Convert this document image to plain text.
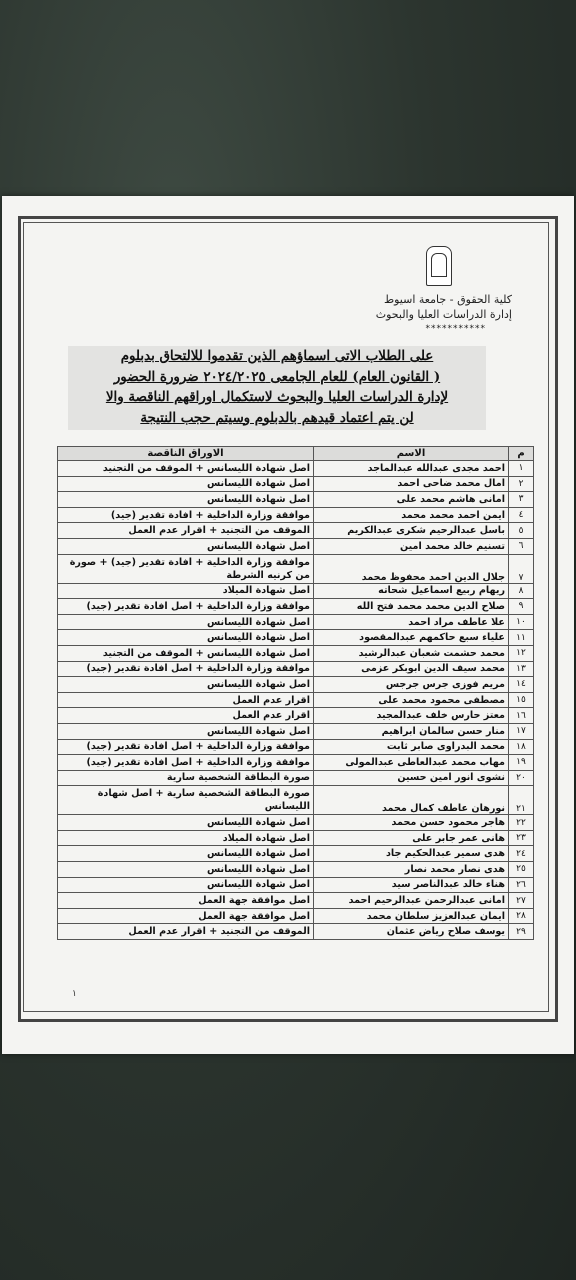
كلية الحقوق - جامعة اسيوط
إدارة الدراسات العليا والبحوث
***********
على الطلاب الاتى اسماؤهم الذين تقدموا للالتحاق بدبلوم
( القانون العام) للعام الجامعى ٢٠٢٤/٢٠٢٥ ضرورة الحضور
لإدارة الدراسات العليا والبحوث لاستكمال اوراقهم الناقصة والا
لن يتم اعتماد قيدهم بالدبلوم وسيتم حجب النتيجة
م	الاسم	الاوراق الناقصة
١	احمد مجدى عبدالله عبدالماجد	اصل شهادة الليسانس + الموقف من التجنيد
٢	امال محمد ضاحى احمد	اصل شهادة الليسانس
٣	امانى هاشم محمد على	اصل شهادة الليسانس
٤	ايمن احمد محمد محمد	موافقة وزارة الداخلية + افادة تقدير (جيد)
٥	باسل عبدالرحيم شكرى عبدالكريم	الموقف من التجنيد + اقرار عدم العمل
٦	تسنيم خالد محمد امين	اصل شهادة الليسانس
٧	جلال الدين احمد محفوظ محمد	موافقة وزارة الداخلية + افادة تقدير (جيد) + صورة من كرنيه الشرطة
٨	ريهام ربيع اسماعيل شحاته	اصل شهادة الميلاد
٩	صلاح الدين محمد محمد فتح الله	موافقة وزارة الداخلية + اصل افادة تقدير (جيد)
١٠	علا عاطف مراد احمد	اصل شهادة الليسانس
١١	علياء سبع حاكمهم عبدالمقصود	اصل شهادة الليسانس
١٢	محمد حشمت شعبان عبدالرشيد	اصل شهادة الليسانس + الموقف من التجنيد
١٣	محمد سيف الدين ابوبكر عزمى	موافقة وزارة الداخلية + اصل افادة تقدير (جيد)
١٤	مريم فوزى جرس جرجس	اصل شهادة الليسانس
١٥	مصطفى محمود محمد على	اقرار عدم العمل
١٦	معتز حارس خلف عبدالمجيد	اقرار عدم العمل
١٧	منار حسن سالمان ابراهيم	اصل شهادة الليسانس
١٨	محمد البدراوى صابر ثابت	موافقة وزارة الداخلية + اصل افادة تقدير (جيد)
١٩	مهاب محمد عبدالعاطى عبدالمولى	موافقة وزارة الداخلية + اصل افادة تقدير (جيد)
٢٠	نشوى انور امين حسين	صورة البطاقة الشخصية سارية
٢١	نورهان عاطف كمال محمد	صورة البطاقة الشخصية سارية + اصل شهادة الليسانس
٢٢	هاجر محمود حسن محمد	اصل شهادة الليسانس
٢٣	هانى عمر جابر على	اصل شهادة الميلاد
٢٤	هدى سمير عبدالحكيم جاد	اصل شهادة الليسانس
٢٥	هدى نصار محمد نصار	اصل شهادة الليسانس
٢٦	هناء خالد عبدالناصر سيد	اصل شهادة الليسانس
٢٧	امانى عبدالرحمن عبدالرحيم احمد	اصل موافقة جهة العمل
٢٨	ايمان عبدالعزيز سلطان محمد	اصل موافقة جهة العمل
٢٩	يوسف صلاح رياض عثمان	الموقف من التجنيد + اقرار عدم العمل
١
